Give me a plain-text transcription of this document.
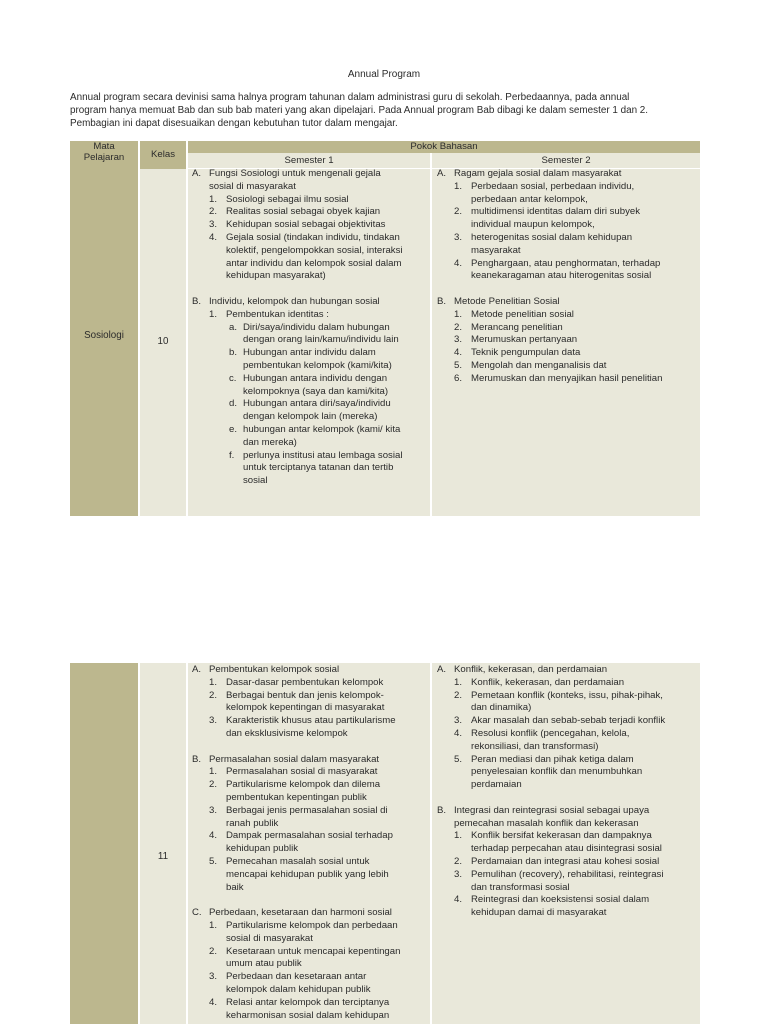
Annual Program
Annual program secara devinisi sama halnya program tahunan dalam administrasi guru di sekolah. Perbedaannya, pada annual
program hanya memuat Bab dan sub bab materi yang akan dipelajari. Pada Annual program Bab dibagi ke dalam semester 1 dan 2.
Pembagian ini dapat disesuaikan dengan kebutuhan tutor dalam mengajar.
Mata
Pelajaran	Kelas
Pokok Bahasan
Semester 1	Semester 2
Sosiologi
10
A. Fungsi Sosiologi untuk mengenali gejala
sosial di masyarakat
1. Sosiologi sebagai ilmu sosial
2. Realitas sosial sebagai obyek kajian
3. Kehidupan sosial sebagai objektivitas
4. Gejala sosial (tindakan individu, tindakan
kolektif, pengelompokkan sosial, interaksi
antar individu dan kelompok sosial dalam
kehidupan masyarakat)
B. Individu, kelompok dan hubungan sosial
1. Pembentukan identitas :
a. Diri/saya/individu dalam hubungan
dengan orang lain/kamu/individu lain
b. Hubungan antar individu dalam
pembentukan kelompok (kami/kita)
c. Hubungan antara individu dengan
kelompoknya (saya dan kami/kita)
d. Hubungan antara diri/saya/individu
dengan kelompok lain (mereka)
e. hubungan antar kelompok (kami/ kita
dan mereka)
f. perlunya institusi atau lembaga sosial
untuk terciptanya tatanan dan tertib
sosial
A. Ragam gejala sosial dalam masyarakat
1. Perbedaan sosial, perbedaan individu,
perbedaan antar kelompok,
2. multidimensi identitas dalam diri subyek
individual maupun kelompok,
3. heterogenitas sosial dalam kehidupan
masyarakat
4. Penghargaan, atau penghormatan, terhadap
keanekaragaman atau hiterogenitas sosial
B. Metode Penelitian Sosial
1. Metode penelitian sosial
2. Merancang penelitian
3. Merumuskan pertanyaan
4. Teknik pengumpulan data
5. Mengolah dan menganalisis dat
6. Merumuskan dan menyajikan hasil penelitian
11
A. Pembentukan kelompok sosial
1. Dasar-dasar pembentukan kelompok
2. Berbagai bentuk dan jenis kelompok-
kelompok kepentingan di masyarakat
3. Karakteristik khusus atau partikularisme
dan eksklusivisme kelompok
B. Permasalahan sosial dalam masyarakat
1. Permasalahan sosial di masyarakat
2. Partikularisme kelompok dan dilema
pembentukan kepentingan publik
3. Berbagai jenis permasalahan sosial di
ranah publik
4. Dampak permasalahan sosial terhadap
kehidupan publik
5. Pemecahan masalah sosial untuk
mencapai kehidupan publik yang lebih
baik
C. Perbedaan, kesetaraan dan harmoni sosial
1. Partikularisme kelompok dan perbedaan
sosial di masyarakat
2. Kesetaraan untuk mencapai kepentingan
umum atau publik
3. Perbedaan dan kesetaraan antar
kelompok dalam kehidupan publik
4. Relasi antar kelompok dan terciptanya
keharmonisan sosial dalam kehidupan
A. Konflik, kekerasan, dan perdamaian
1. Konflik, kekerasan, dan perdamaian
2. Pemetaan konflik (konteks, issu, pihak-pihak,
dan dinamika)
3. Akar masalah dan sebab-sebab terjadi konflik
4. Resolusi konflik (pencegahan, kelola,
rekonsiliasi, dan transformasi)
5. Peran mediasi dan pihak ketiga dalam
penyelesaian konflik dan menumbuhkan
perdamaian
B. Integrasi dan reintegrasi sosial sebagai upaya
pemecahan masalah konflik dan kekerasan
1. Konflik bersifat kekerasan dan dampaknya
terhadap perpecahan atau disintegrasi sosial
2. Perdamaian dan integrasi atau kohesi sosial
3. Pemulihan (recovery), rehabilitasi, reintegrasi
dan transformasi sosial
4. Reintegrasi dan koeksistensi sosial dalam
kehidupan damai di masyarakat
